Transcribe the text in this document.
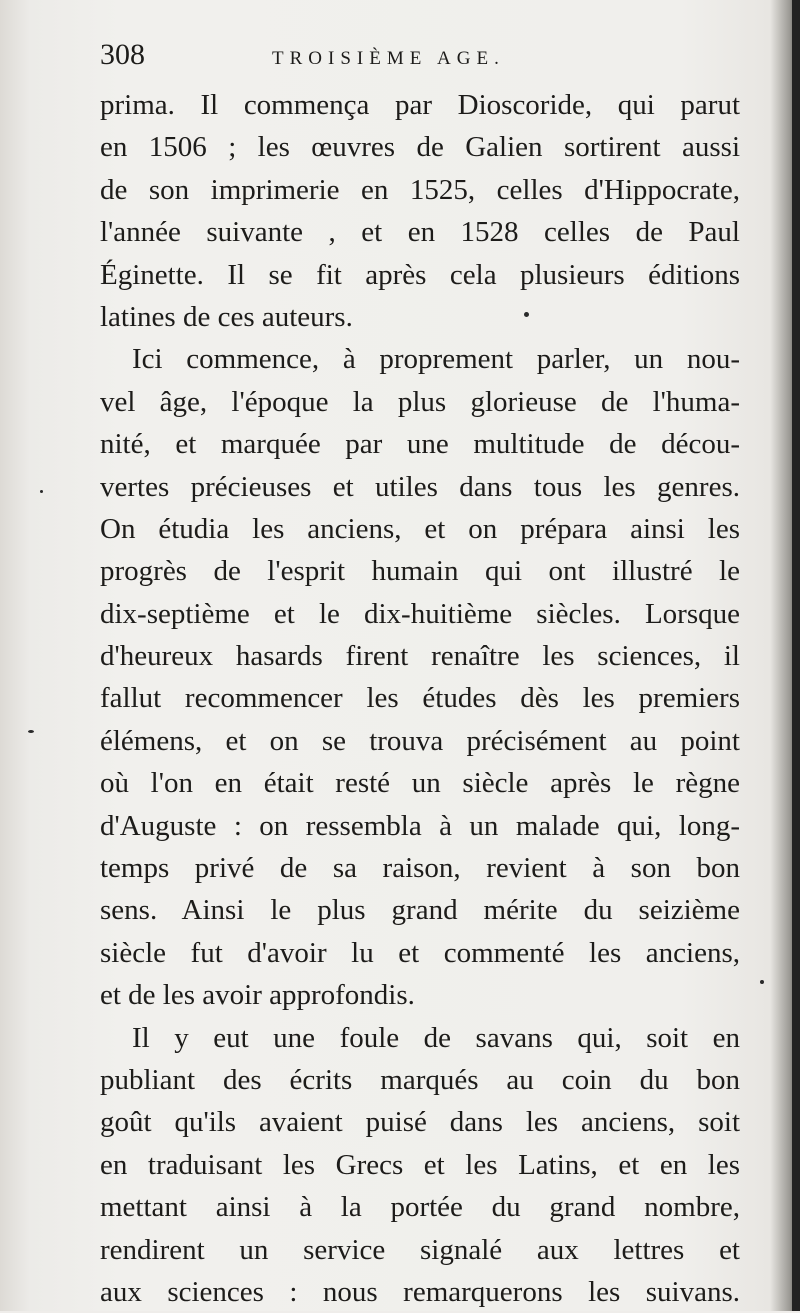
308	TROISIÈME AGE.
prima. Il commença par Dioscoride, qui parut
en 1506 ; les œuvres de Galien sortirent aussi
de son imprimerie en 1525, celles d'Hippocrate,
l'année suivante , et en 1528 celles de Paul
Éginette. Il se fit après cela plusieurs éditions
latines de ces auteurs.
Ici commence, à proprement parler, un nou-
vel âge, l'époque la plus glorieuse de l'huma-
nité, et marquée par une multitude de décou-
vertes précieuses et utiles dans tous les genres.
On étudia les anciens, et on prépara ainsi les
progrès de l'esprit humain qui ont illustré le
dix-septième et le dix-huitième siècles. Lorsque
d'heureux hasards firent renaître les sciences, il
fallut recommencer les études dès les premiers
élémens, et on se trouva précisément au point
où l'on en était resté un siècle après le règne
d'Auguste : on ressembla à un malade qui, long-
temps privé de sa raison, revient à son bon
sens. Ainsi le plus grand mérite du seizième
siècle fut d'avoir lu et commenté les anciens,
et de les avoir approfondis.
Il y eut une foule de savans qui, soit en
publiant des écrits marqués au coin du bon
goût qu'ils avaient puisé dans les anciens, soit
en traduisant les Grecs et les Latins, et en les
mettant ainsi à la portée du grand nombre,
rendirent un service signalé aux lettres et
aux sciences : nous remarquerons les suivans.
